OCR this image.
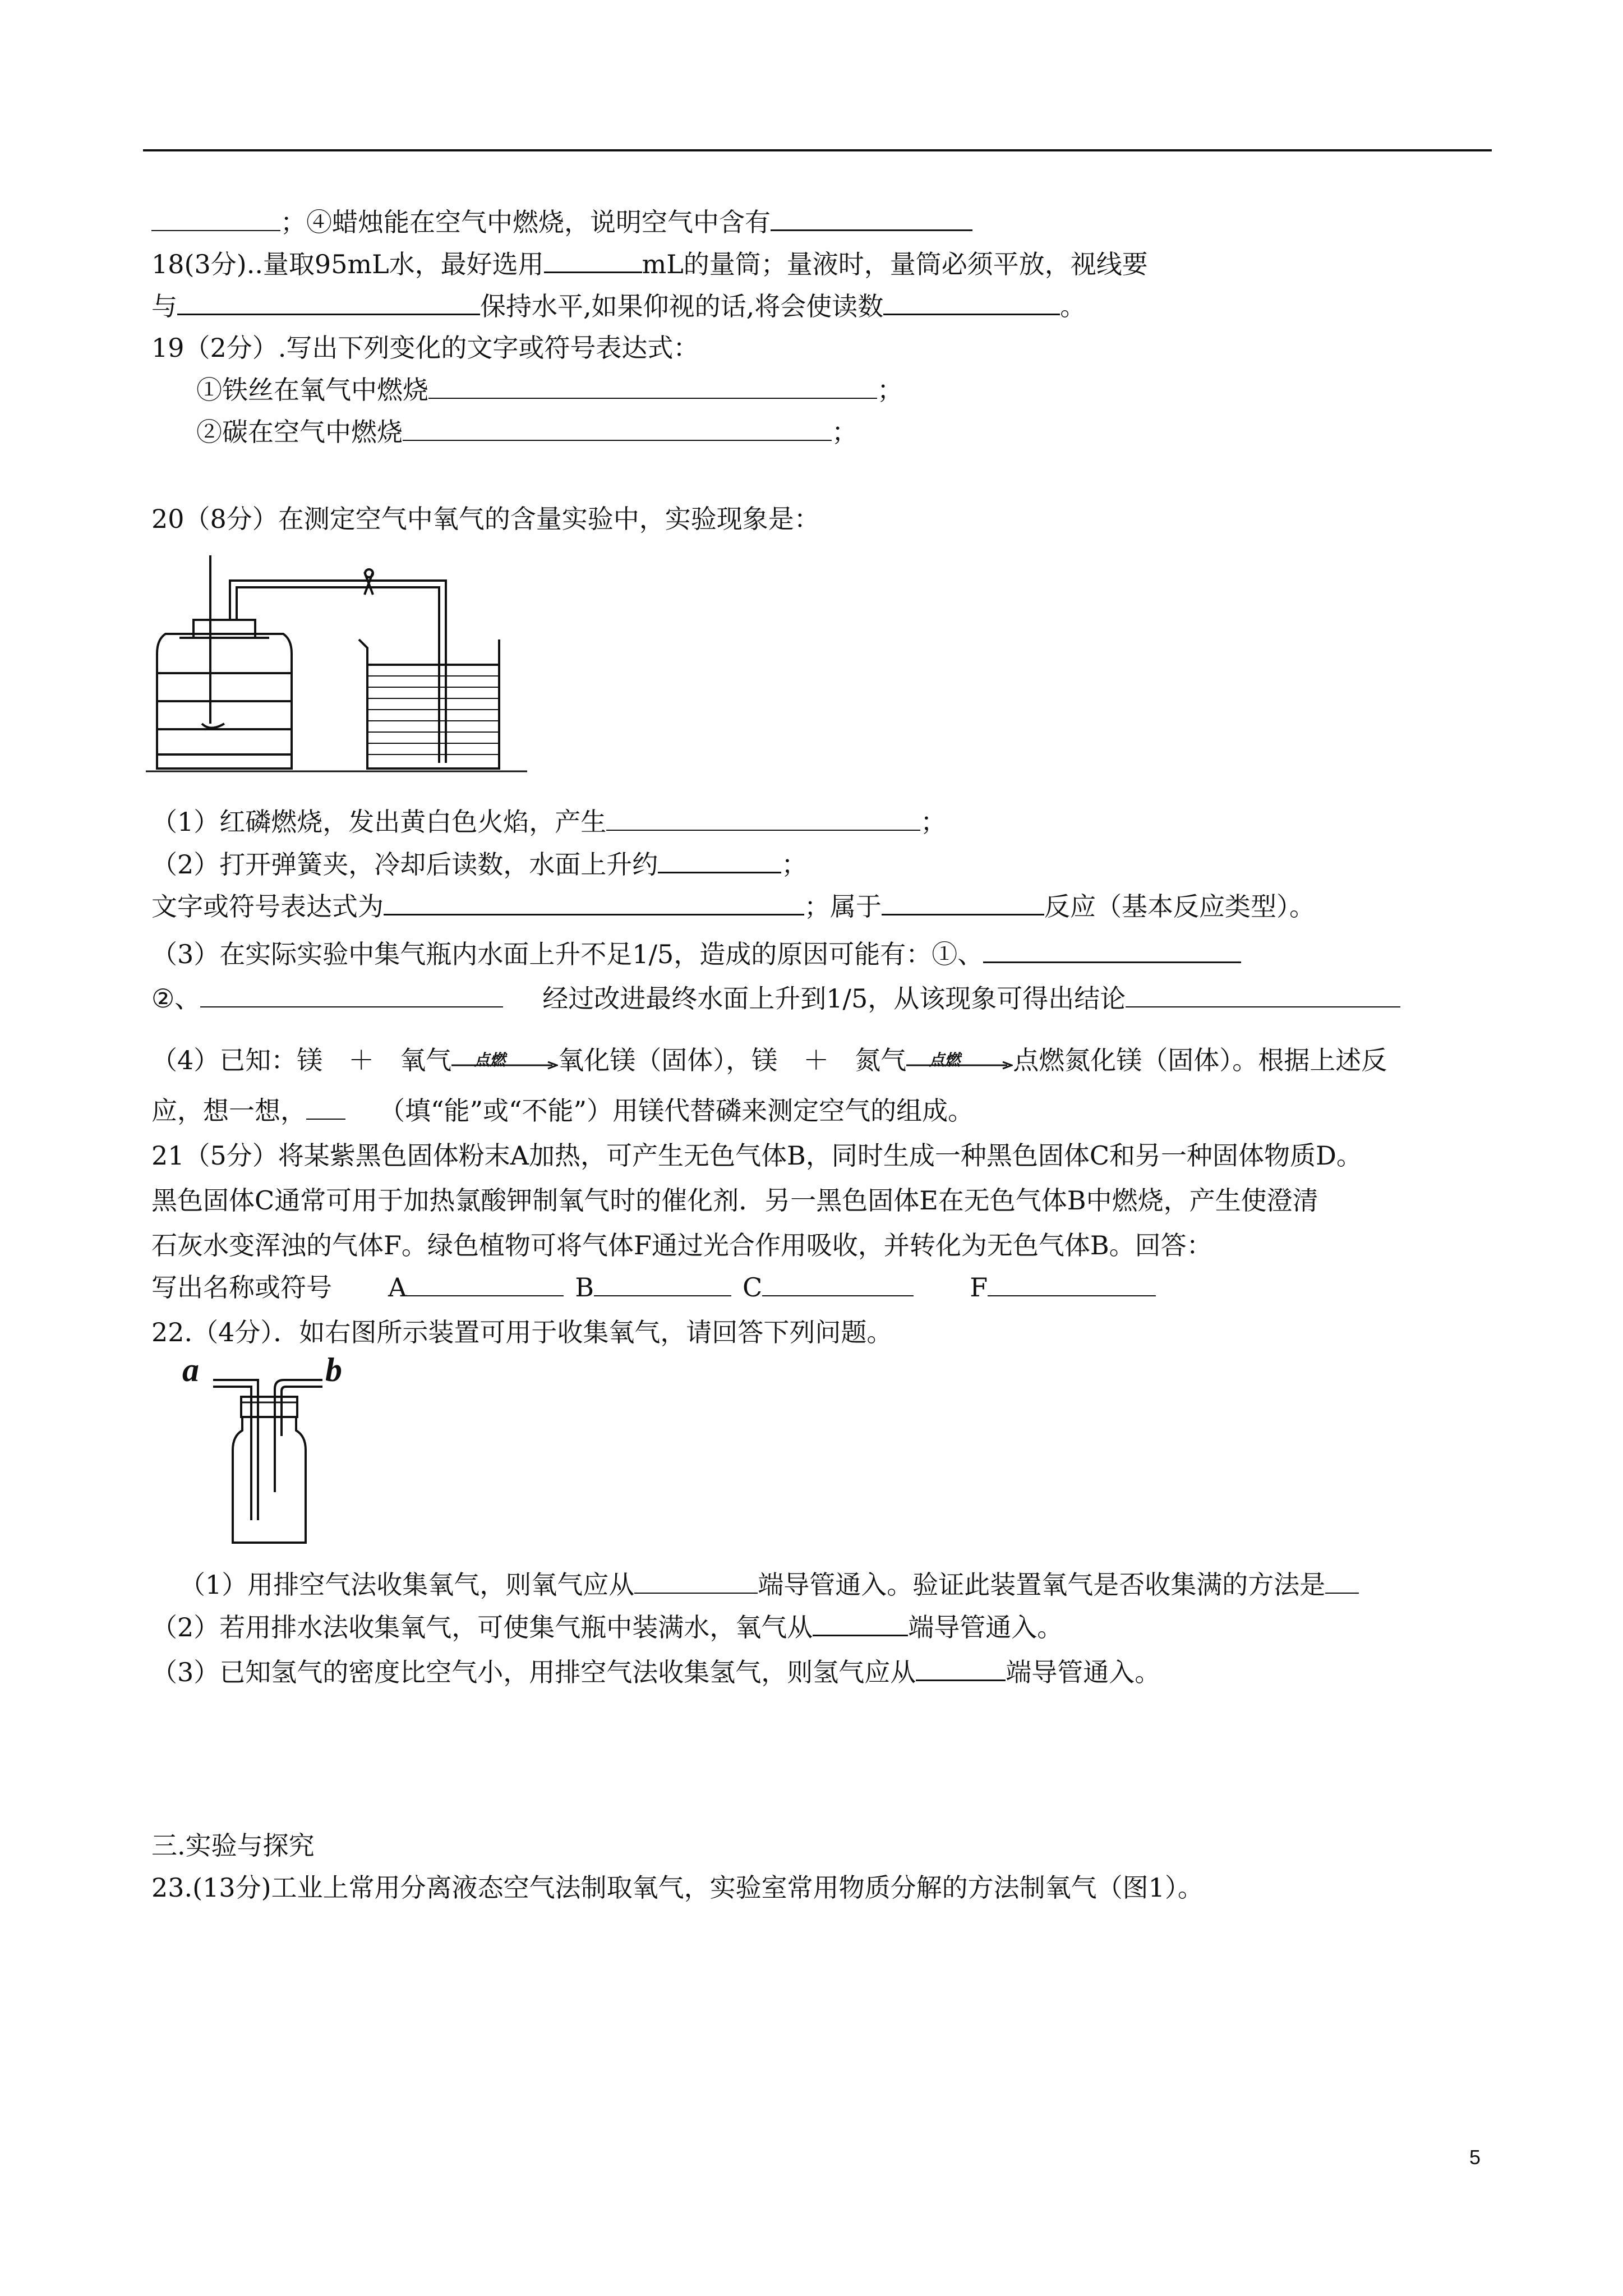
；④蜡烛能在空气中燃烧，说明空气中含有
18(3分)..量取95mL水，最好选用	mL的量筒；量液时，量筒必须平放，视线要
与	保持水平,如果仰视的话,将会使读数	。
19（2分）.写出下列变化的文字或符号表达式：
①铁丝在氧气中燃烧	；
②碳在空气中燃烧	；
20（8分）在测定空气中氧气的含量实验中，实验现象是：
（1）红磷燃烧，发出黄白色火焰，产生	；
（2）打开弹簧夹，冷却后读数，水面上升约	；
文字或符号表达式为	；属于	反应（基本反应类型）。
（3）在实际实验中集气瓶内水面上升不足1/5，造成的原因可能有：①、
②、	经过改进最终水面上升到1/5，从该现象可得出结论
（4）已知：镁　＋　氧气 点燃 氧化镁（固体），镁　＋　氮气 点燃 点燃氮化镁（固体）。根据上述反
应，想一想，	（填“能”或“不能”）用镁代替磷来测定空气的组成。
21（5分）将某紫黑色固体粉末A加热，可产生无色气体B，同时生成一种黑色固体C和另一种固体物质D。
黑色固体C通常可用于加热氯酸钾制氧气时的催化剂．另一黑色固体E在无色气体B中燃烧，产生使澄清
石灰水变浑浊的气体F。绿色植物可将气体F通过光合作用吸收，并转化为无色气体B。回答：
写出名称或符号 A	B	C	F
22.（4分）．如右图所示装置可用于收集氧气，请回答下列问题。
a	b
（1）用排空气法收集氧气，则氧气应从	端导管通入。验证此装置氧气是否收集满的方法是
（2）若用排水法收集氧气，可使集气瓶中装满水，氧气从	端导管通入。
（3）已知氢气的密度比空气小，用排空气法收集氢气，则氢气应从	端导管通入。
三.实验与探究
23.(13分)工业上常用分离液态空气法制取氧气，实验室常用物质分解的方法制氧气（图1）。
5
